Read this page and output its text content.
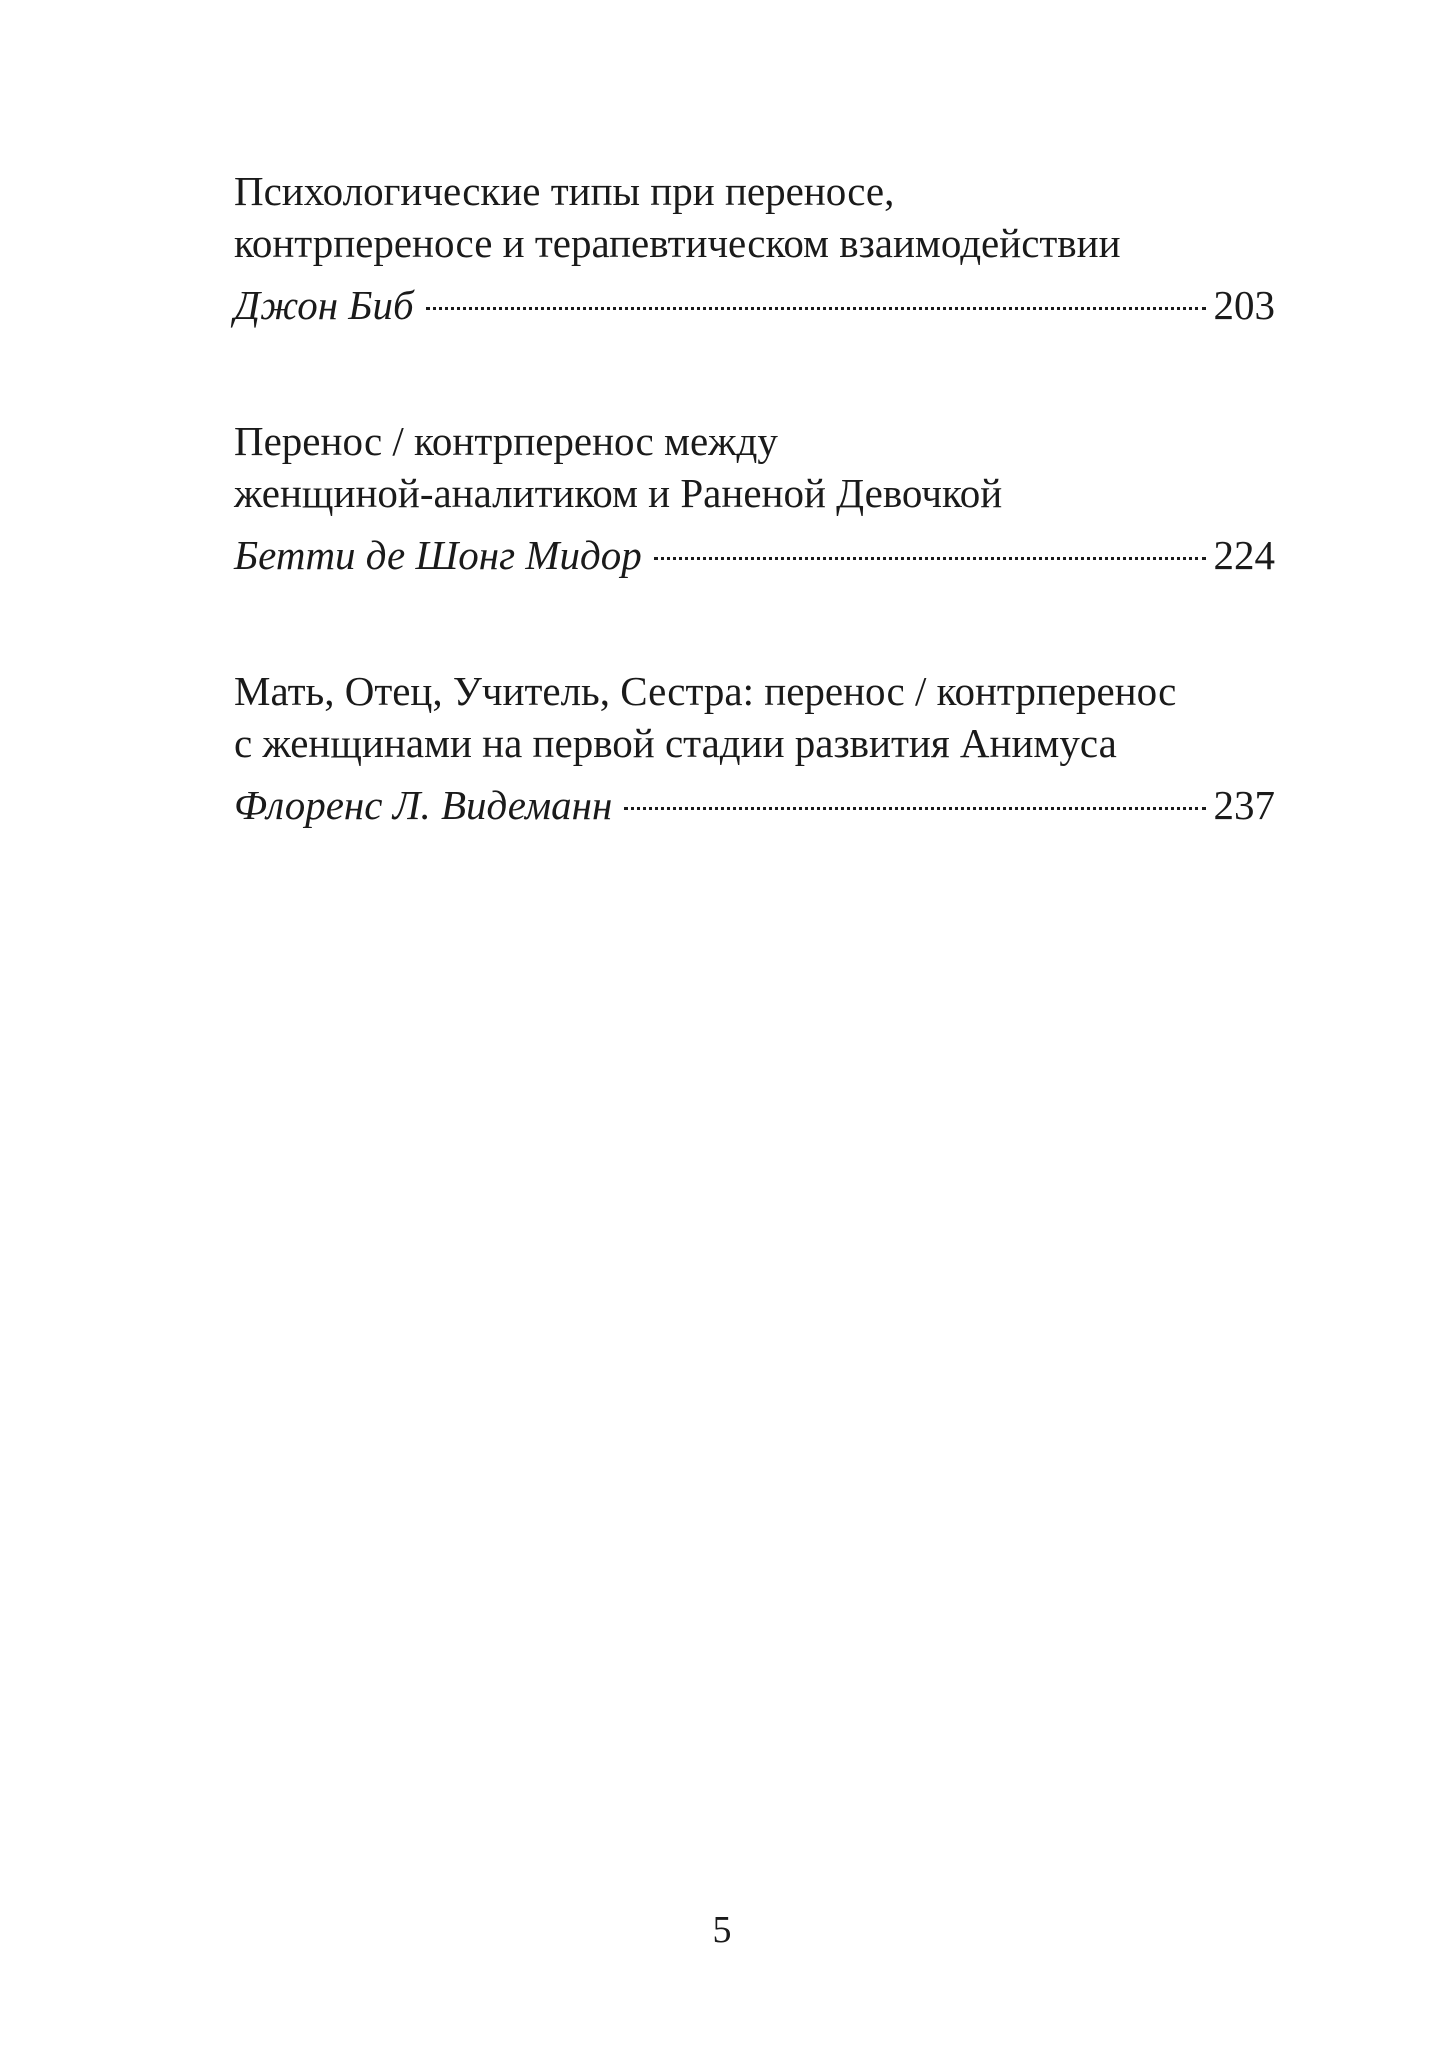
Психологические типы при переносе,
контрпереносе и терапевтическом взаимодействии
Джон Биб	203
Перенос / контрперенос между
женщиной-аналитиком и Раненой Девочкой
Бетти де Шонг Мидор	224
Мать, Отец, Учитель, Сестра: перенос / контрперенос
с женщинами на первой стадии развития Анимуса
Флоренс Л. Видеманн	237
5
